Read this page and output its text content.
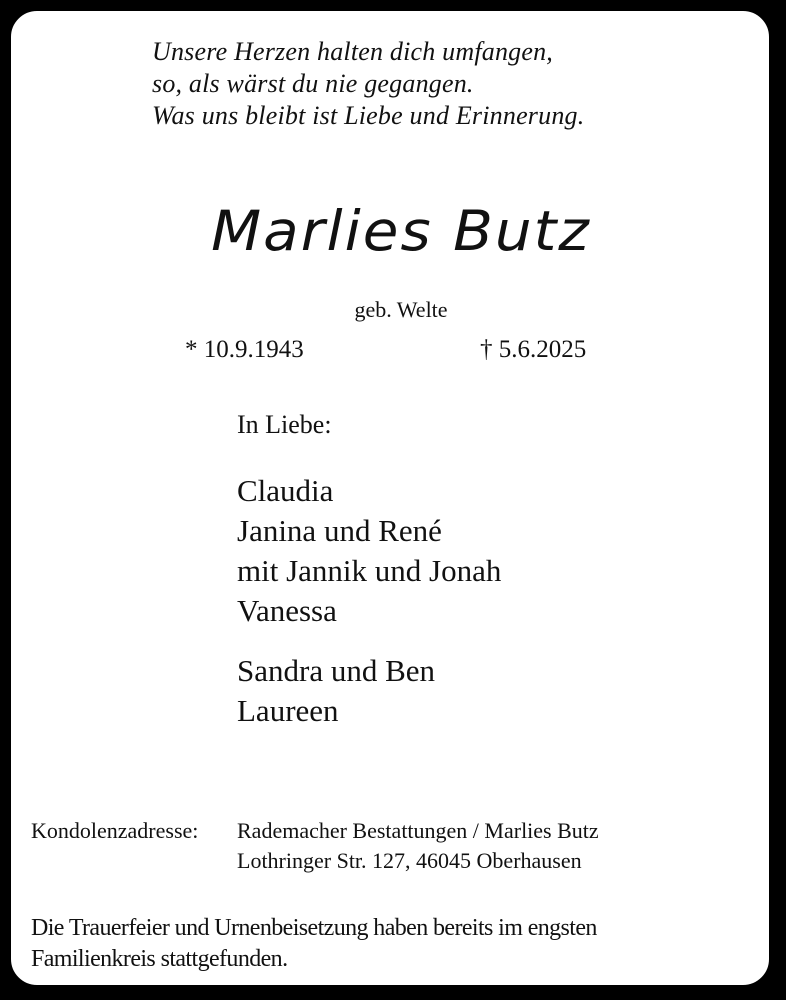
Unsere Herzen halten dich umfangen,
so, als wärst du nie gegangen.
Was uns bleibt ist Liebe und Erinnerung.
Marlies Butz
geb. Welte
* 10.9.1943	† 5.6.2025
In Liebe:
Claudia
Janina und René
mit Jannik und Jonah
Vanessa
Sandra und Ben
Laureen
Kondolenzadresse: Rademacher Bestattungen / Marlies Butz
Lothringer Str. 127, 46045 Oberhausen
Die Trauerfeier und Urnenbeisetzung haben bereits im engsten
Familienkreis stattgefunden.
